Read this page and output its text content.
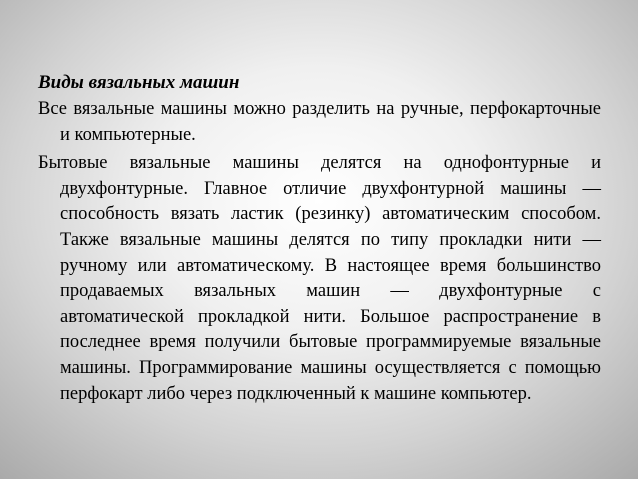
Виды вязальных машин

Все вязальные машины можно разделить на ручные, перфокарточные и компьютерные.

Бытовые вязальные машины делятся на однофонтурные и двухфонтурные. Главное отличие двухфонтурной машины — способность вязать ластик (резинку) автоматическим способом. Также вязальные машины делятся по типу прокладки нити — ручному или автоматическому. В настоящее время большинство продаваемых вязальных машин — двухфонтурные с автоматической прокладкой нити. Большое распространение в последнее время получили бытовые программируемые вязальные машины. Программирование машины осуществляется с помощью перфокарт либо через подключенный к машине компьютер.
